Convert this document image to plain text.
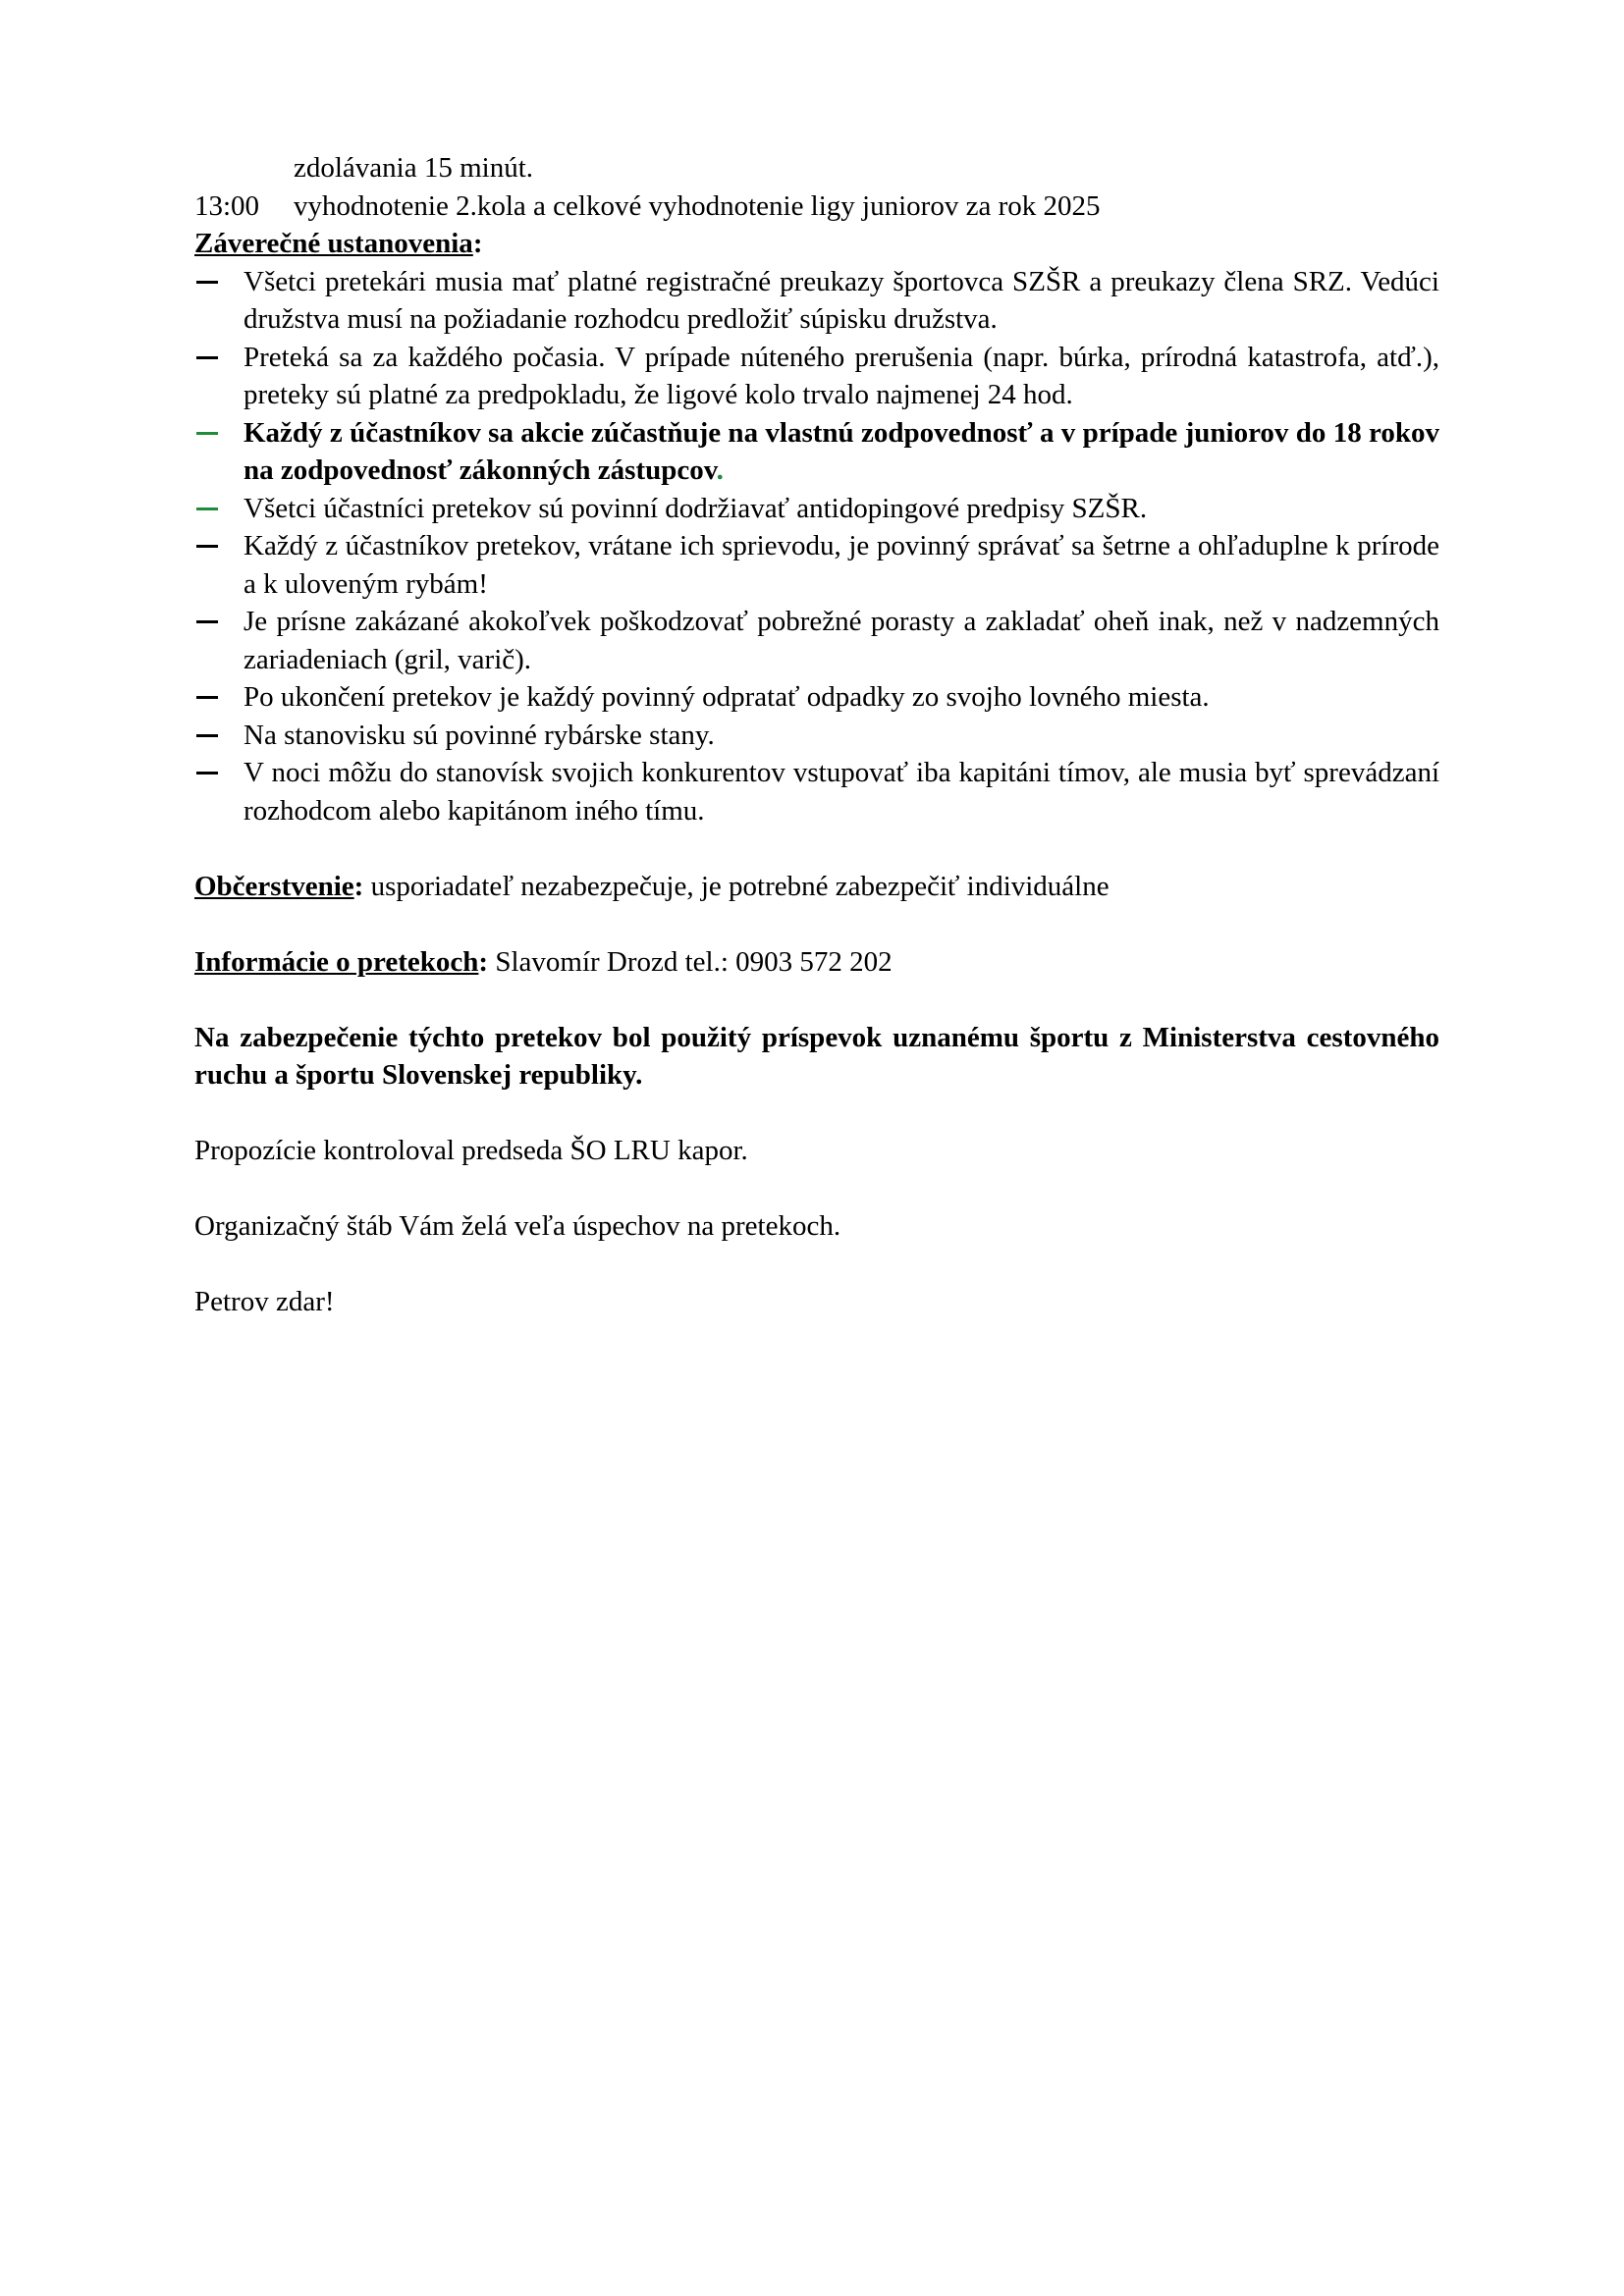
zdolávania 15 minút.
13:00	vyhodnotenie 2.kola a celkové vyhodnotenie ligy juniorov za rok 2025
Záverečné ustanovenia:
Všetci pretekári musia mať platné registračné preukazy športovca SZŠR a preukazy člena SRZ. Vedúci družstva musí na požiadanie rozhodcu predložiť súpisku družstva.
Preteká sa za každého počasia. V prípade núteného prerušenia (napr. búrka, prírodná katastrofa, atď.), preteky sú platné za predpokladu, že ligové kolo trvalo najmenej 24 hod.
Každý z účastníkov sa akcie zúčastňuje na vlastnú zodpovednosť a v prípade juniorov do 18 rokov na zodpovednosť zákonných zástupcov.
Všetci účastníci pretekov sú povinní dodržiavať antidopingové predpisy SZŠR.
Každý z účastníkov pretekov, vrátane ich sprievodu, je povinný správať sa šetrne a ohľaduplne k prírode a k uloveným rybám!
Je prísne zakázané akokoľvek poškodzovať pobrežné porasty a zakladať oheň inak, než v nadzemných zariadeniach (gril, varič).
Po ukončení pretekov je každý povinný odpratať odpadky zo svojho lovného miesta.
Na stanovisku sú povinné rybárske stany.
V noci môžu do stanovísk svojich konkurentov vstupovať iba kapitáni tímov, ale musia byť sprevádzaní rozhodcom alebo kapitánom iného tímu.
Občerstvenie: usporiadateľ nezabezpečuje, je potrebné zabezpečiť individuálne
Informácie o pretekoch: Slavomír Drozd tel.: 0903 572 202
Na zabezpečenie týchto pretekov bol použitý príspevok uznanému športu z Ministerstva cestovného ruchu a športu Slovenskej republiky.
Propozície kontroloval predseda ŠO LRU kapor.
Organizačný štáb Vám želá veľa úspechov na pretekoch.
Petrov zdar!
